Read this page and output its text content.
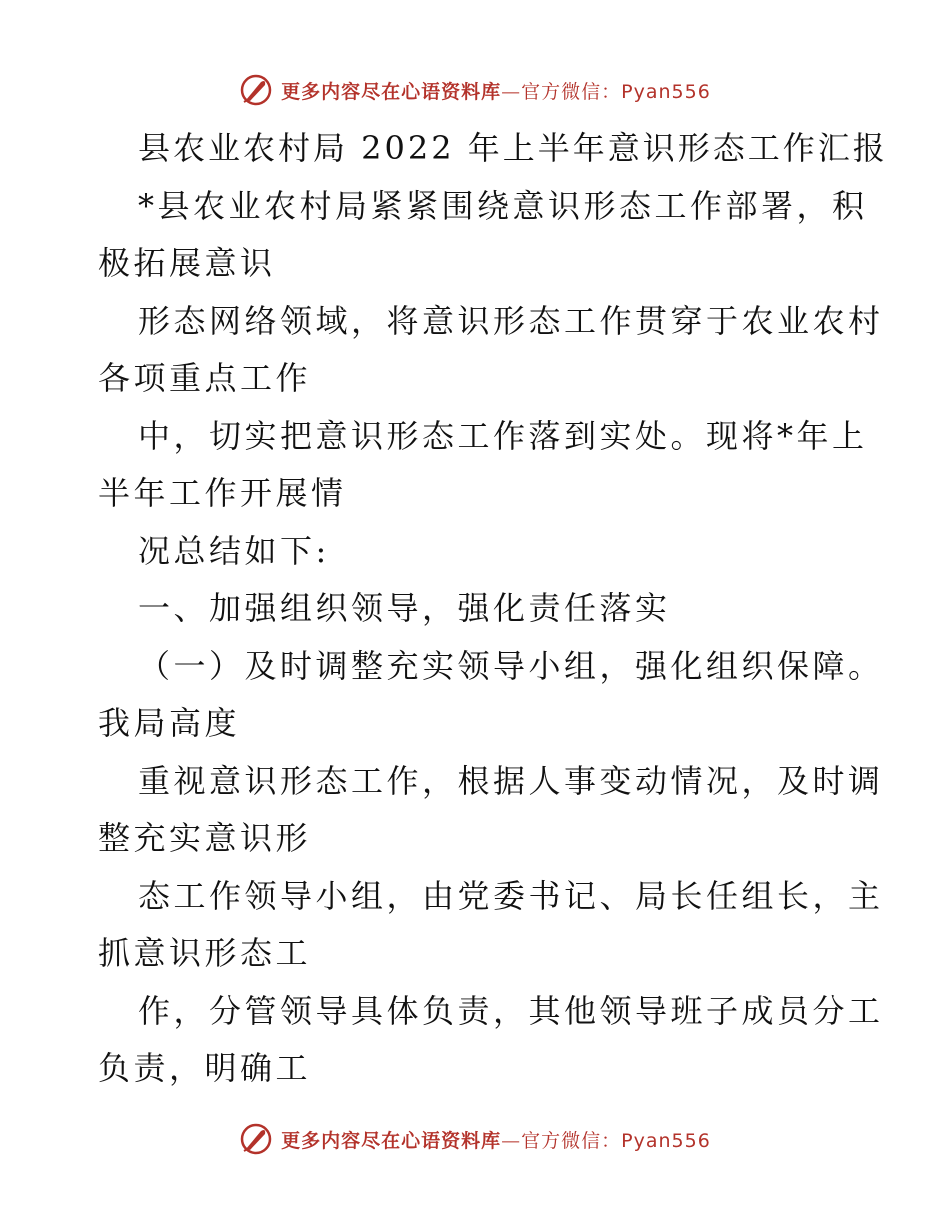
更多内容尽在心语资料库—官方微信：Pyan556
县农业农村局 2022 年上半年意识形态工作汇报
*县农业农村局紧紧围绕意识形态工作部署，积
极拓展意识
形态网络领域，将意识形态工作贯穿于农业农村
各项重点工作
中，切实把意识形态工作落到实处。现将*年上
半年工作开展情
况总结如下:
一、加强组织领导，强化责任落实
（一）及时调整充实领导小组，强化组织保障。
我局高度
重视意识形态工作，根据人事变动情况，及时调
整充实意识形
态工作领导小组，由党委书记、局长任组长，主
抓意识形态工
作，分管领导具体负责，其他领导班子成员分工
负责，明确工
更多内容尽在心语资料库—官方微信：Pyan556
